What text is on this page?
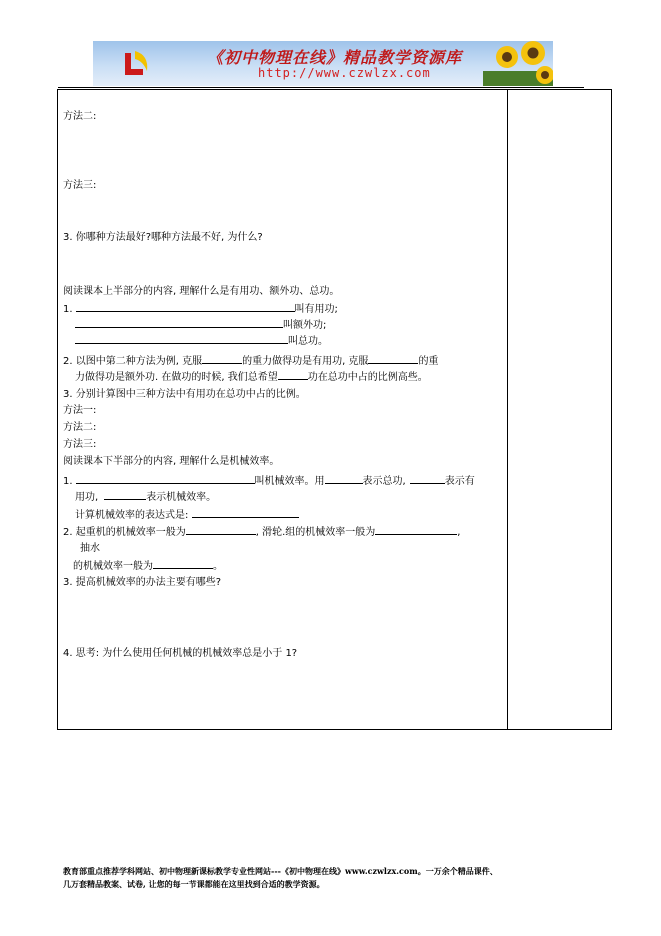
《初中物理在线》精品教学资源库
http://www.czwlzx.com
方法二:
方法三:
3. 你哪种方法最好?哪种方法最不好, 为什么?
阅读课本上半部分的内容, 理解什么是有用功、额外功、总功。
1.	叫有用功;
叫额外功;
叫总功。
2. 以图中第二种方法为例, 克服	的重力做得功是有用功, 克服	的重
力做得功是额外功. 在做功的时候, 我们总希望	功在总功中占的比例高些。
3. 分别计算图中三种方法中有用功在总功中占的比例。
方法一:
方法二:
方法三:
阅读课本下半部分的内容, 理解什么是机械效率。
1.	叫机械效率。用	表示总功,	表示有
用功,	表示机械效率。
计算机械效率的表达式是:
2. 起重机的机械效率一般为	, 滑轮.组的机械效率一般为	,
抽水
的机械效率一般为	。
3. 提高机械效率的办法主要有哪些?
4. 思考: 为什么使用任何机械的机械效率总是小于 1?
教育部重点推荐学科网站、初中物理新课标教学专业性网站---《初中物理在线》www.czwlzx.com。一万余个精品课件、
几万套精品教案、试卷, 让您的每一节课都能在这里找到合适的教学资源。
